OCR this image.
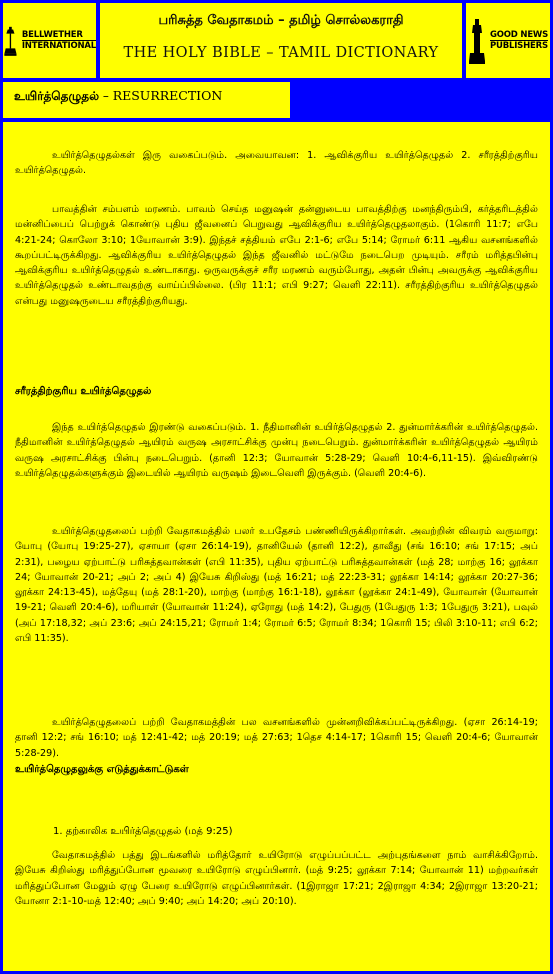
BELLWETHER
INTERNATIONAL
பரிசுத்த வேதாகமம் – தமிழ் சொல்லகராதி
THE HOLY BIBLE – TAMIL DICTIONARY
GOOD NEWS
PUBLISHERS
உயிர்த்தெழுதல் – RESURRECTION
உயிர்த்தெழுதல்கள் இரு வகைப்படும். அவையாவன: 1. ஆவிக்குரிய உயிர்த்தெழுதல் 2. சரீரத்திற்குரிய உயிர்த்தெழுதல்.
பாவத்தின் சம்பளம் மரணம். பாவம் செய்த மனுஷன் தன்னுடைய பாவத்திற்கு மனந்திரும்பி, கர்த்தரிடத்தில் மன்னிப்பைப் பெற்றுக் கொண்டு புதிய ஜீவனைப் பெறுவது ஆவிக்குரிய உயிர்த்தெழுதலாகும். (1கொரி 11:7; எபே 4:21-24; கொலோ 3:10; 1யோவான் 3:9). இந்தச் சத்தியம் எபே 2:1-6; எபே 5:14; ரோமர் 6:11 ஆகிய வசனங்களில் கூறப்பட்டிருக்கிறது. ஆவிக்குரிய உயிர்த்தெழுதல் இந்த ஜீவனில் மட்டுமே நடைபெற முடியும். சரீரம் மரித்தபின்பு ஆவிக்குரிய உயிர்த்தெழுதல் உண்டாகாது. ஒருவருக்குச் சரீர மரணம் வரும்போது, அதன் பின்பு அவருக்கு ஆவிக்குரிய உயிர்த்தெழுதல் உண்டாவதற்கு வாய்ப்பில்லை. (பிர 11:1; எபி 9:27; வெளி 22:11). சரீரத்திற்குரிய உயிர்த்தெழுதல் என்பது மனுஷருடைய சரீரத்திற்குரியது.
சரீரத்திற்குரிய உயிர்த்தெழுதல்
இந்த உயிர்த்தெழுதல் இரண்டு வகைப்படும். 1. நீதிமானின் உயிர்த்தெழுதல் 2. துன்மார்க்கரின் உயிர்த்தெழுதல். நீதிமானின் உயிர்த்தெழுதல் ஆயிரம் வருஷ அரசாட்சிக்கு முன்பு நடைபெறும். துன்மார்க்கரின் உயிர்த்தெழுதல் ஆயிரம் வருஷ அரசாட்சிக்கு பின்பு நடைபெறும். (தானி 12:3; யோவான் 5:28-29; வெளி 10:4-6,11-15). இவ்விரண்டு உயிர்த்தெழுதல்களுக்கும் இடையில் ஆயிரம் வருஷம் இடைவெளி இருக்கும். (வெளி 20:4-6).
உயிர்த்தெழுதலைப் பற்றி வேதாகமத்தில் பலர் உபதேசம் பண்ணியிருக்கிறார்கள். அவற்றின் விவரம் வருமாறு: யோபு (யோபு 19:25-27), ஏசாயா (ஏசா 26:14-19), தானியேல் (தானி 12:2), தாவீது (சங் 16:10; சங் 17:15; அப் 2:31), பழைய ஏற்பாட்டு பரிசுத்தவான்கள் (எபி 11:35), புதிய ஏற்பாட்டு பரிசுத்தவான்கள் (மத் 28; மாற்கு 16; லூக்கா 24; யோவான் 20-21; அப் 2; அப் 4) இயேசு கிறிஸ்து (மத் 16:21; மத் 22:23-31; லூக்கா 14:14; லூக்கா 20:27-36; லூக்கா 24:13-45), மத்தேயு (மத் 28:1-20), மாற்கு (மாற்கு 16:1-18), லூக்கா (லூக்கா 24:1-49), யோவான் (யோவான் 19-21; வெளி 20:4-6), மரியாள் (யோவான் 11:24), ஏரோது (மத் 14:2), பேதுரு (1பேதுரு 1:3; 1பேதுரு 3:21), பவுல் (அப் 17:18,32; அப் 23:6; அப் 24:15,21; ரோமர் 1:4; ரோமர் 6:5; ரோமர் 8:34; 1கொரி 15; பிலி 3:10-11; எபி 6:2; எபி 11:35).
உயிர்த்தெழுதலைப் பற்றி வேதாகமத்தின் பல வசனங்களில் முன்னறிவிக்கப்பட்டிருக்கிறது. (ஏசா 26:14-19; தானி 12:2; சங் 16:10; மத் 12:41-42; மத் 20:19; மத் 27:63; 1தெச 4:14-17; 1கொரி 15; வெளி 20:4-6; யோவான் 5:28-29).
உயிர்த்தெழுதலுக்கு எடுத்துக்காட்டுகள்
1. தற்காலிக உயிர்த்தெழுதல் (மத் 9:25)
வேதாகமத்தில் பத்து இடங்களில் மரித்தோர் உயிரோடு எழுப்பப்பட்ட அற்புதங்களை நாம் வாசிக்கிறோம். இயேசு கிறிஸ்து மரித்துப்போன மூவரை உயிரோடு எழுப்பினார். (மத் 9:25; லூக்கா 7:14; யோவான் 11) மற்றவர்கள் மரித்துப்போன மேலும் ஏழு பேரை உயிரோடு எழுப்பினார்கள். (1இராஜா 17:21; 2இராஜா 4:34; 2இராஜா 13:20-21; யோனா 2:1-10-மத் 12:40; அப் 9:40; அப் 14:20; அப் 20:10).
